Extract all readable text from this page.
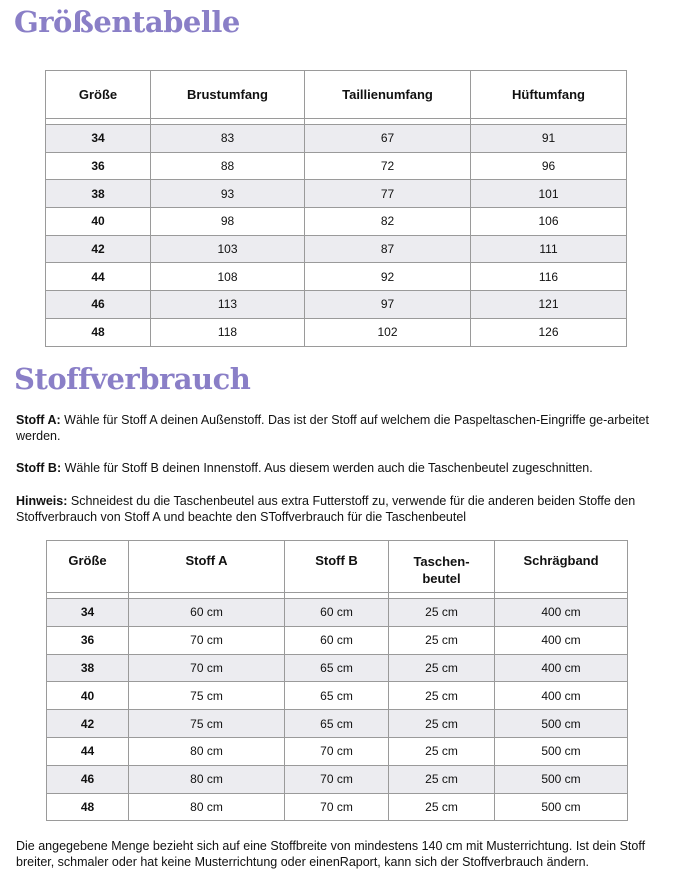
Größentabelle
Größe	Brustumfang	Taillienumfang	Hüftumfang

34	83	67	91
36	88	72	96
38	93	77	101
40	98	82	106
42	103	87	111
44	108	92	116
46	113	97	121
48	118	102	126
Stoffverbrauch

Stoff A: Wähle für Stoff A deinen Außenstoff. Das ist der Stoff auf welchem die Paspeltaschen-Eingriffe ge-arbeitet werden.

Stoff B: Wähle für Stoff B deinen Innenstoff. Aus diesem werden auch die Taschenbeutel zugeschnitten.

Hinweis: Schneidest du die Taschenbeutel aus extra Futterstoff zu, verwende für die anderen beiden Stoffe den Stoffverbrauch von Stoff A und beachte den SToffverbrauch für die Taschenbeutel

Größe	Stoff A	Stoff B	Taschen-beutel	Schrägband

34	60 cm	60 cm	25 cm	400 cm
36	70 cm	60 cm	25 cm	400 cm
38	70 cm	65 cm	25 cm	400 cm
40	75 cm	65 cm	25 cm	400 cm
42	75 cm	65 cm	25 cm	500 cm
44	80 cm	70 cm	25 cm	500 cm
46	80 cm	70 cm	25 cm	500 cm
48	80 cm	70 cm	25 cm	500 cm

Die angegebene Menge bezieht sich auf eine Stoffbreite von mindestens 140 cm mit Musterrichtung. Ist dein Stoff breiter, schmaler oder hat keine Musterrichtung oder einenRaport, kann sich der Stoffverbrauch ändern.
